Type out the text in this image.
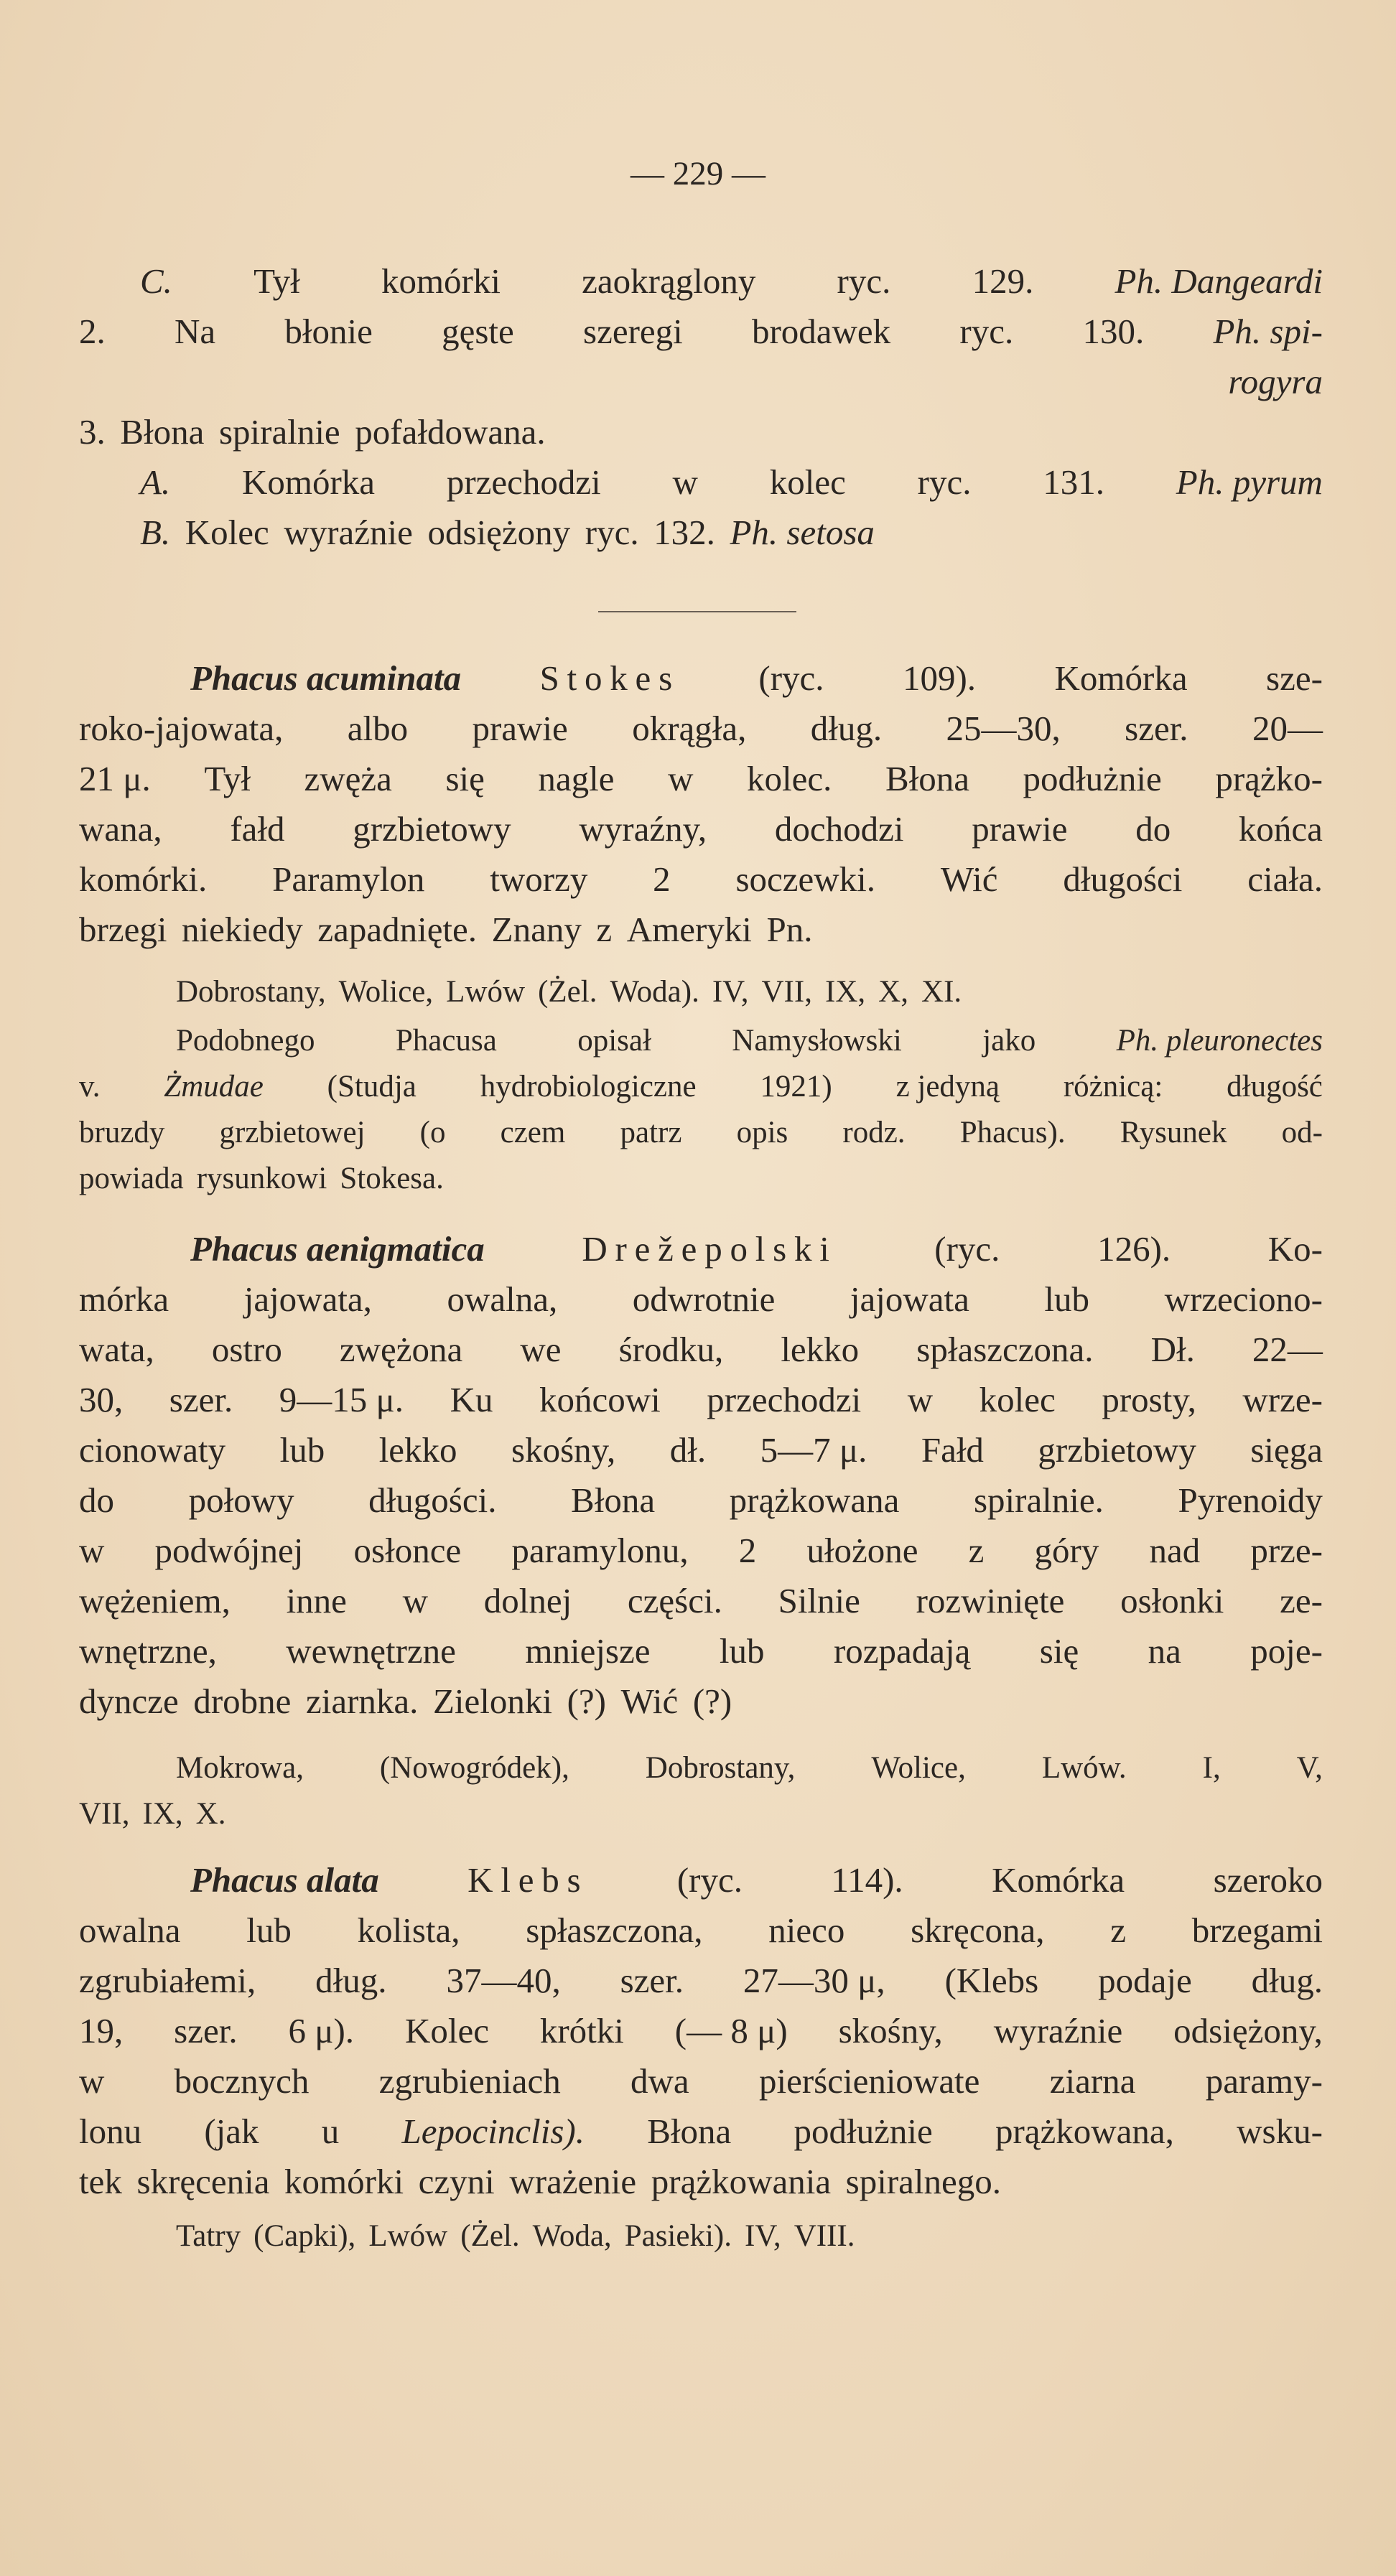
— 229 —
C. Tył komórki zaokrąglony ryc. 129. Ph. Dangeardi
2. Na błonie gęste szeregi brodawek ryc. 130. Ph. spi-
rogyra
3. Błona spiralnie pofałdowana.
A. Komórka przechodzi w kolec ryc. 131. Ph. pyrum
B. Kolec wyraźnie odsiężony ryc. 132. Ph. setosa
Phacus acuminata Stokes (ryc. 109). Komórka sze-
roko-jajowata, albo prawie okrągła, dług. 25—30, szer. 20—
21 μ. Tył zwęża się nagle w kolec. Błona podłużnie prążko-
wana, fałd grzbietowy wyraźny, dochodzi prawie do końca
komórki. Paramylon tworzy 2 soczewki. Wić długości ciała.
brzegi niekiedy zapadnięte. Znany z Ameryki Pn.
Dobrostany, Wolice, Lwów (Żel. Woda). IV, VII, IX, X, XI.
Podobnego	Phacusa	opisał	Namysłowski	jako	Ph. pleuronectes
v. Żmudae (Studja hydrobiologiczne 1921) z jedyną różnicą: długość
bruzdy grzbietowej (o czem patrz opis rodz. Phacus). Rysunek od-
powiada rysunkowi Stokesa.
Phacus aenigmatica	Drežepolski	(ryc.	126).	Ko-
mórka jajowata, owalna, odwrotnie jajowata lub wrzeciono-
wata, ostro zwężona we środku, lekko spłaszczona. Dł. 22—
30, szer. 9—15 μ. Ku końcowi przechodzi w kolec prosty, wrze-
cionowaty lub lekko skośny, dł. 5—7 μ. Fałd grzbietowy sięga
do połowy długości. Błona prążkowana spiralnie. Pyrenoidy
w podwójnej osłonce paramylonu, 2 ułożone z góry nad prze-
wężeniem, inne w dolnej części. Silnie rozwinięte osłonki ze-
wnętrzne, wewnętrzne mniejsze lub rozpadają się na poje-
dyncze drobne ziarnka. Zielonki (?) Wić (?)
Mokrowa, (Nowogródek), Dobrostany, Wolice, Lwów. I, V,
VII, IX, X.
Phacus alata	Klebs	(ryc.	114).	Komórka	szeroko
owalna lub kolista, spłaszczona, nieco skręcona, z brzegami
zgrubiałemi, dług. 37—40, szer. 27—30 μ, (Klebs podaje dług.
19, szer. 6 μ). Kolec krótki (— 8 μ) skośny, wyraźnie odsiężony,
w bocznych zgrubieniach dwa pierścieniowate ziarna paramy-
lonu (jak u Lepocinclis). Błona podłużnie prążkowana, wsku-
tek skręcenia komórki czyni wrażenie prążkowania spiralnego.
Tatry (Capki), Lwów (Żel. Woda, Pasieki). IV, VIII.
